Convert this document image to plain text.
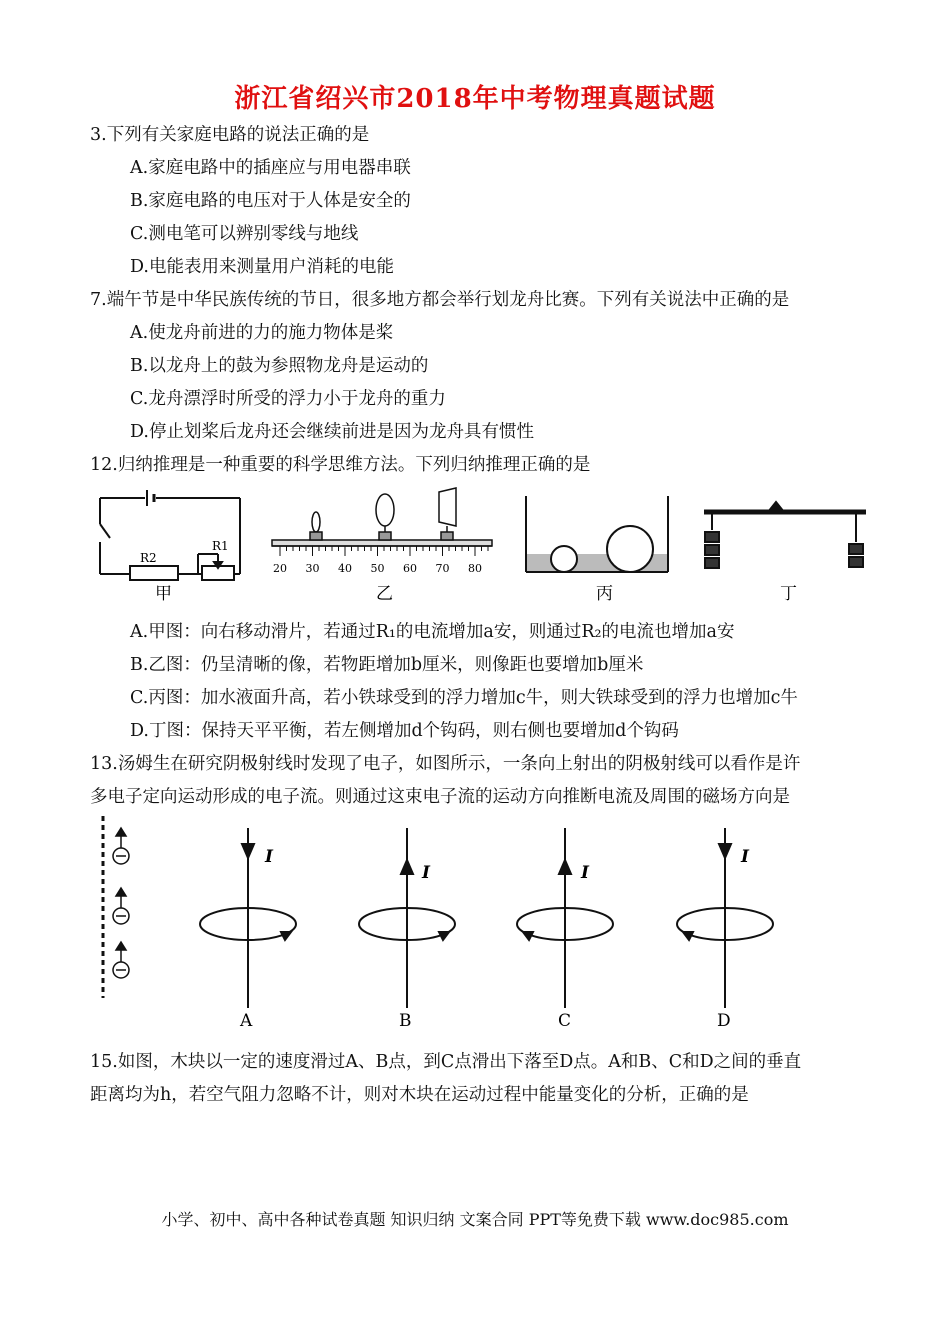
浙江省绍兴市2018年中考物理真题试题
3.下列有关家庭电路的说法正确的是
A.家庭电路中的插座应与用电器串联
B.家庭电路的电压对于人体是安全的
C.测电笔可以辨别零线与地线
D.电能表用来测量用户消耗的电能
7.端午节是中华民族传统的节日，很多地方都会举行划龙舟比赛。下列有关说法中正确的是
A.使龙舟前进的力的施力物体是桨
B.以龙舟上的鼓为参照物龙舟是运动的
C.龙舟漂浮时所受的浮力小于龙舟的重力
D.停止划桨后龙舟还会继续前进是因为龙舟具有惯性
12.归纳推理是一种重要的科学思维方法。下列归纳推理正确的是
R2
R1
甲
20 30 40 50 60 70 80
乙	丙	丁
A.甲图：向右移动滑片，若通过R₁的电流增加a安，则通过R₂的电流也增加a安
B.乙图：仍呈清晰的像，若物距增加b厘米，则像距也要增加b厘米
C.丙图：加水液面升高，若小铁球受到的浮力增加c牛，则大铁球受到的浮力也增加c牛
D.丁图：保持天平平衡，若左侧增加d个钩码，则右侧也要增加d个钩码
13.汤姆生在研究阴极射线时发现了电子，如图所示，一条向上射出的阴极射线可以看作是许
多电子定向运动形成的电子流。则通过这束电子流的运动方向推断电流及周围的磁场方向是
I
A
I
B
I
C
I
D
15.如图，木块以一定的速度滑过A、B点，到C点滑出下落至D点。A和B、C和D之间的垂直
距离均为h，若空气阻力忽略不计，则对木块在运动过程中能量变化的分析，正确的是
小学、初中、高中各种试卷真题 知识归纳 文案合同 PPT等免费下载 www.doc985.com
